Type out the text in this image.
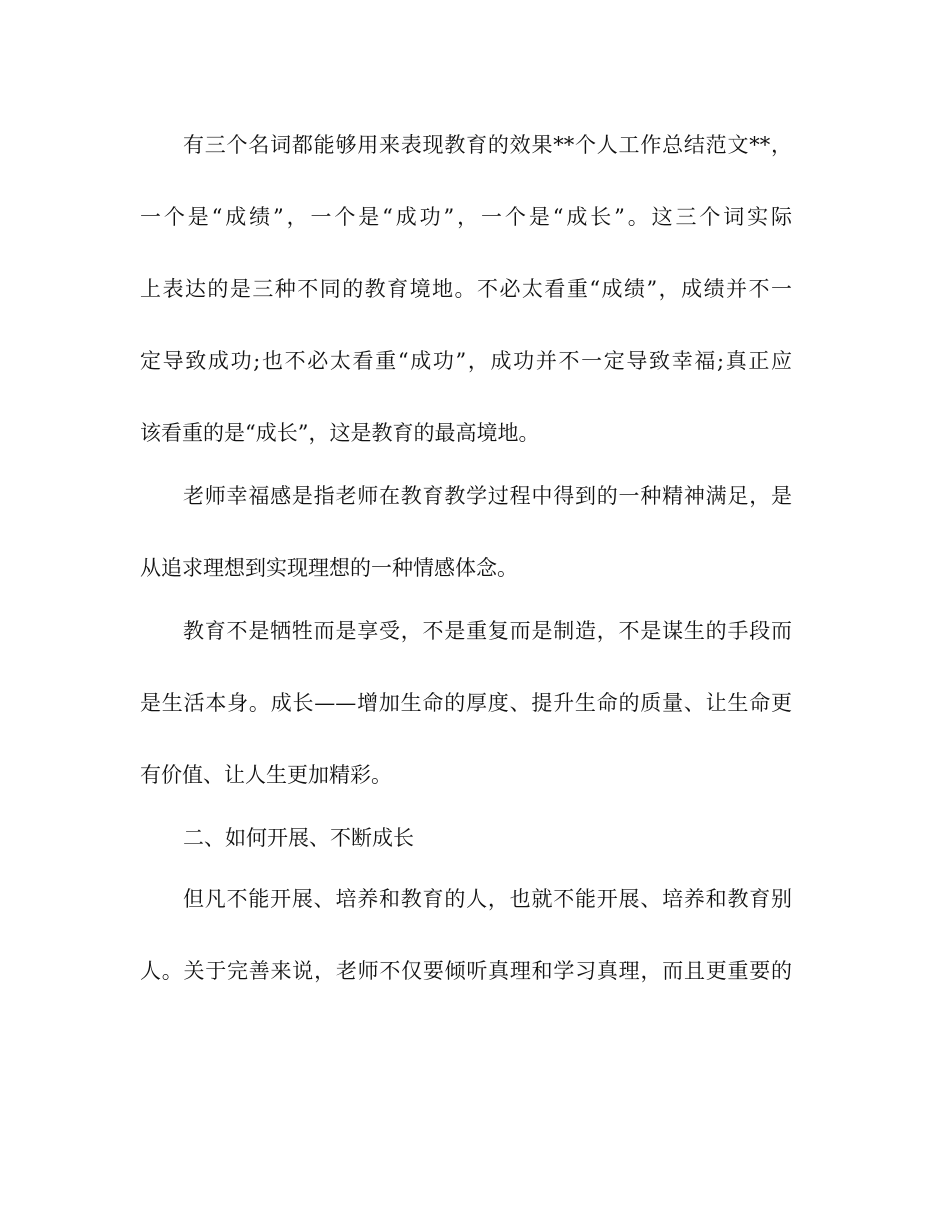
有三个名词都能够用来表现教育的效果**个人工作总结范文**，
一个是“成绩”，一个是“成功”，一个是“成长”。这三个词实际
上表达的是三种不同的教育境地。不必太看重“成绩”，成绩并不一
定导致成功;也不必太看重“成功”，成功并不一定导致幸福;真正应
该看重的是“成长”，这是教育的最高境地。
老师幸福感是指老师在教育教学过程中得到的一种精神满足，是
从追求理想到实现理想的一种情感体念。
教育不是牺牲而是享受，不是重复而是制造，不是谋生的手段而
是生活本身。成长——增加生命的厚度、提升生命的质量、让生命更
有价值、让人生更加精彩。
二、如何开展、不断成长
但凡不能开展、培养和教育的人，也就不能开展、培养和教育别
人。关于完善来说，老师不仅要倾听真理和学习真理，而且更重要的
